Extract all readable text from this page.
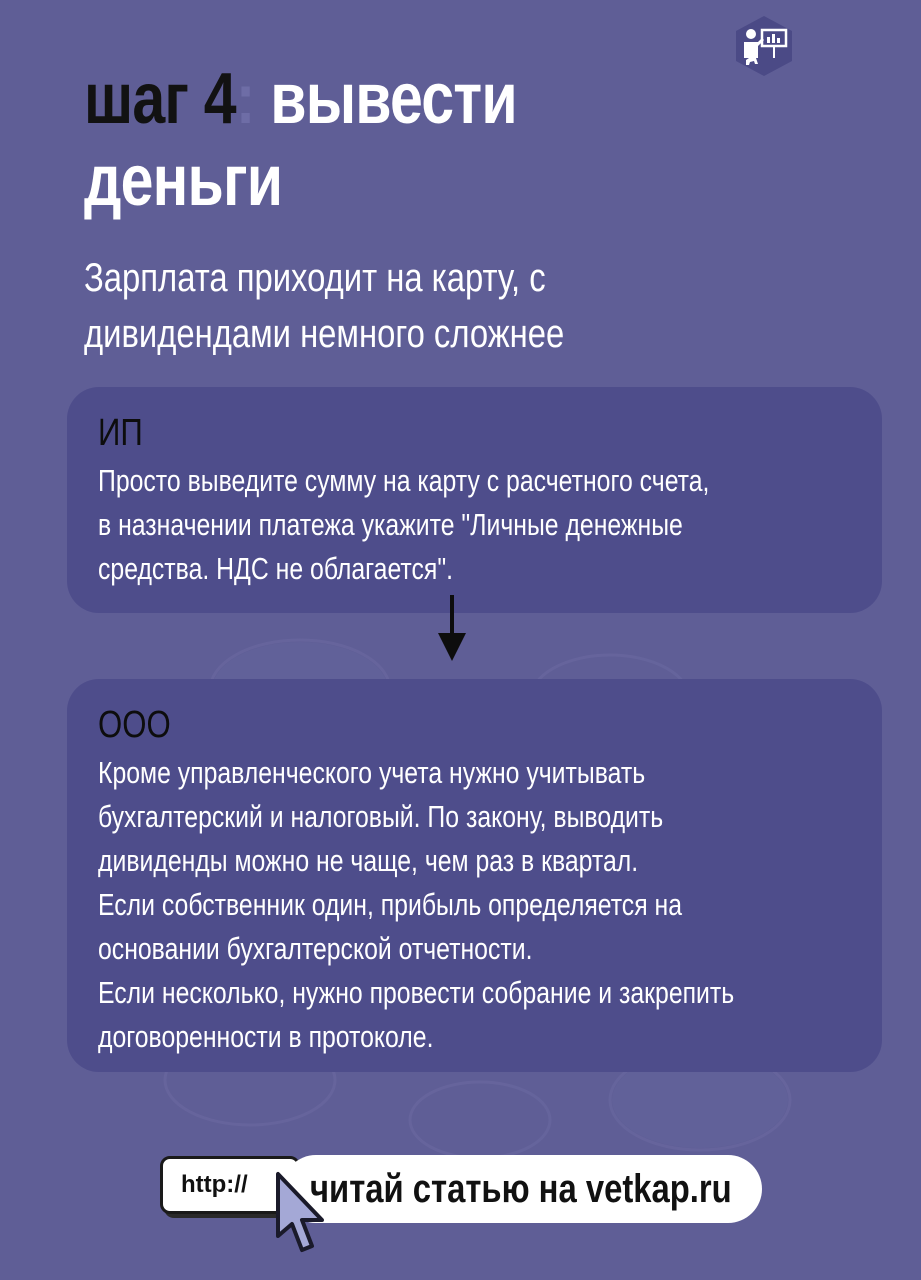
шаг 4: вывести
деньги
Зарплата приходит на карту, с
дивидендами немного сложнее
ИП
Просто выведите сумму на карту с расчетного счета,
в назначении платежа укажите "Личные денежные
средства. НДС не облагается".
ООО
Кроме управленческого учета нужно учитывать
бухгалтерский и налоговый. По закону, выводить
дивиденды можно не чаще, чем раз в квартал.
Если собственник один, прибыль определяется на
основании бухгалтерской отчетности.
Если несколько, нужно провести собрание и закрепить
договоренности в протоколе.
http:// читай статью на vetkap.ru
